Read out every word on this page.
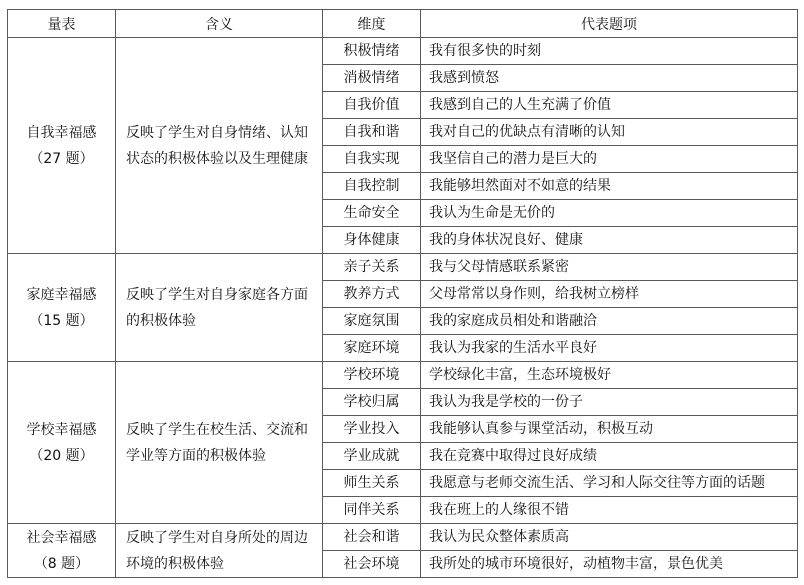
量表	含义	维度	代表题项
自我幸福感
（27 题）	反映了学生对自身情绪、认知状态的积极体验以及生理健康	积极情绪	我有很多快的时刻
		消极情绪	我感到愤怒
		自我价值	我感到自己的人生充满了价值
		自我和谐	我对自己的优缺点有清晰的认知
		自我实现	我坚信自己的潜力是巨大的
		自我控制	我能够坦然面对不如意的结果
		生命安全	我认为生命是无价的
		身体健康	我的身体状况良好、健康
家庭幸福感
（15 题）	反映了学生对自身家庭各方面的积极体验	亲子关系	我与父母情感联系紧密
		教养方式	父母常常以身作则，给我树立榜样
		家庭氛围	我的家庭成员相处和谐融洽
		家庭环境	我认为我家的生活水平良好
学校幸福感
（20 题）	反映了学生在校生活、交流和学业等方面的积极体验	学校环境	学校绿化丰富，生态环境极好
		学校归属	我认为我是学校的一份子
		学业投入	我能够认真参与课堂活动，积极互动
		学业成就	我在竞赛中取得过良好成绩
		师生关系	我愿意与老师交流生活、学习和人际交往等方面的话题
		同伴关系	我在班上的人缘很不错
社会幸福感
（8 题）	反映了学生对自身所处的周边环境的积极体验	社会和谐	我认为民众整体素质高
		社会环境	我所处的城市环境很好，动植物丰富，景色优美
